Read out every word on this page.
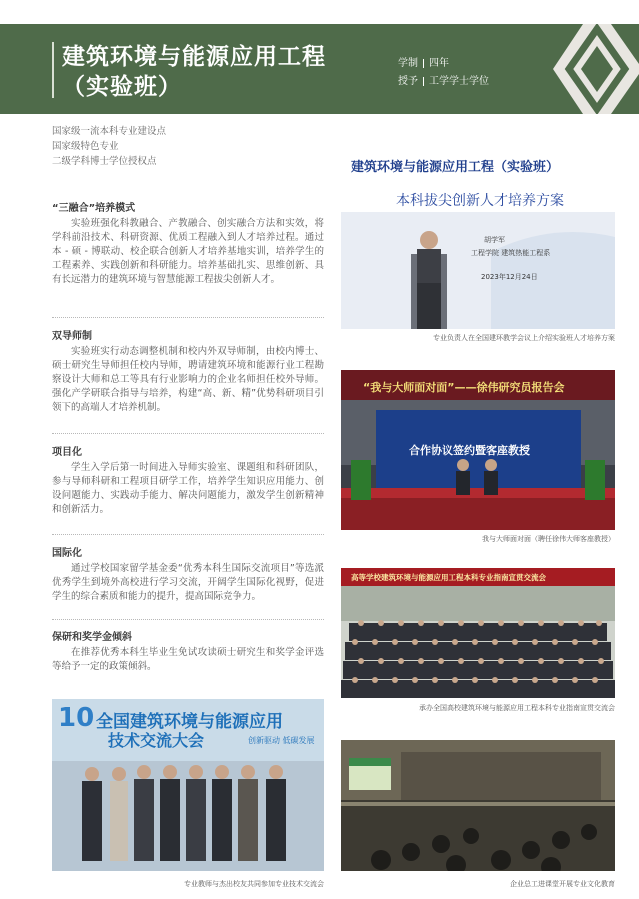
建筑环境与能源应用工程
（实验班）
学制 四年
授予 工学学士学位
国家级一流本科专业建设点
国家级特色专业
二级学科博士学位授权点
“三融合”培养模式
实验班强化科教融合、产教融合、创实融合方法和实效，将学科前沿技术、科研资源、优质工程融入到人才培养过程。通过本 - 硕 - 博联动、校企联合创新人才培养基地实训，培养学生的工程素养、实践创新和科研能力。培养基础扎实、思维创新、具有长远潜力的建筑环境与智慧能源工程拔尖创新人才。
双导师制
实验班实行动态调整机制和校内外双导师制，由校内博士、硕士研究生导师担任校内导师，聘请建筑环境和能源行业工程勘察设计大师和总工等具有行业影响力的企业名师担任校外导师。强化产学研联合指导与培养，构建“高、新、精”优势科研项目引领下的高端人才培养机制。
项目化
学生入学后第一时间进入导师实验室、课题组和科研团队，参与导师科研和工程项目研学工作，培养学生知识应用能力、创设问题能力、实践动手能力、解决问题能力，激发学生创新精神和创新活力。
国际化
通过学校国家留学基金委“优秀本科生国际交流项目”等选派优秀学生到境外高校进行学习交流，开阔学生国际化视野，促进学生的综合素质和能力的提升，提高国际竞争力。
保研和奖学金倾斜
在推荐优秀本科生毕业生免试攻读硕士研究生和奖学金评选等给予一定的政策倾斜。
建筑环境与能源应用工程（实验班）
本科拔尖创新人才培养方案
胡学军
工程学院 建筑热能工程系
2023年12月24日
专业负责人在全国建环教学会议上介绍实验班人才培养方案
“我与大师面对面”——徐伟研究员报告会
合作协议签约暨客座教授
我与大师面对面（聘任徐伟大师客座教授）
高等学校建筑环境与能源应用工程本科专业指南宣贯交流会
承办全国高校建筑环境与能源应用工程本科专业指南宣贯交流会
10 全国建筑环境与能源应用
技术交流大会	创新驱动 低碳发展
专业教师与杰出校友共同参加专业技术交流会	企业总工进课堂开展专业文化教育
